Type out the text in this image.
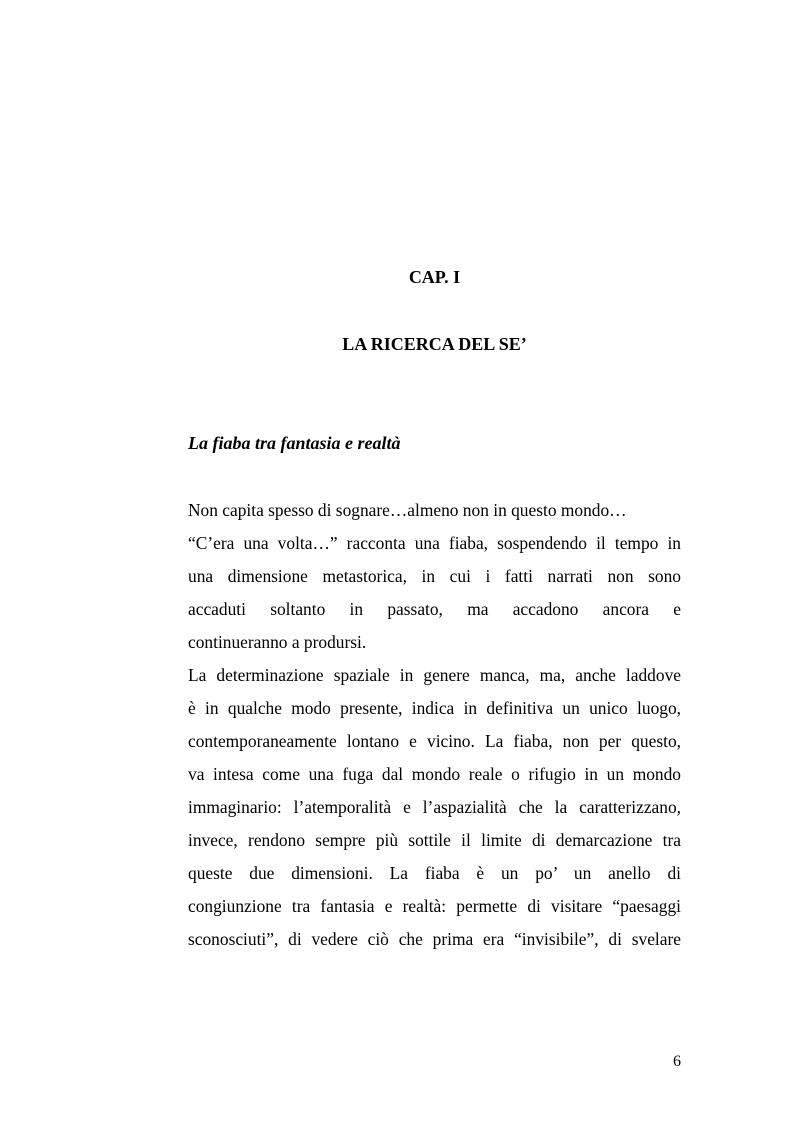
CAP. I
LA RICERCA DEL SE’
La fiaba tra fantasia e realtà
Non capita spesso di sognare…almeno non in questo mondo…
“C’era una volta…” racconta una fiaba, sospendendo il tempo in
una dimensione metastorica, in cui i fatti narrati non sono
accaduti soltanto in passato, ma accadono ancora e
continueranno a prodursi.
La determinazione spaziale in genere manca, ma, anche laddove
è in qualche modo presente, indica in definitiva un unico luogo,
contemporaneamente lontano e vicino. La fiaba, non per questo,
va intesa come una fuga dal mondo reale o rifugio in un mondo
immaginario: l’atemporalità e l’aspazialità che la caratterizzano,
invece, rendono sempre più sottile il limite di demarcazione tra
queste due dimensioni. La fiaba è un po’ un anello di
congiunzione tra fantasia e realtà: permette di visitare “paesaggi
sconosciuti”, di vedere ciò che prima era “invisibile”, di svelare
6
